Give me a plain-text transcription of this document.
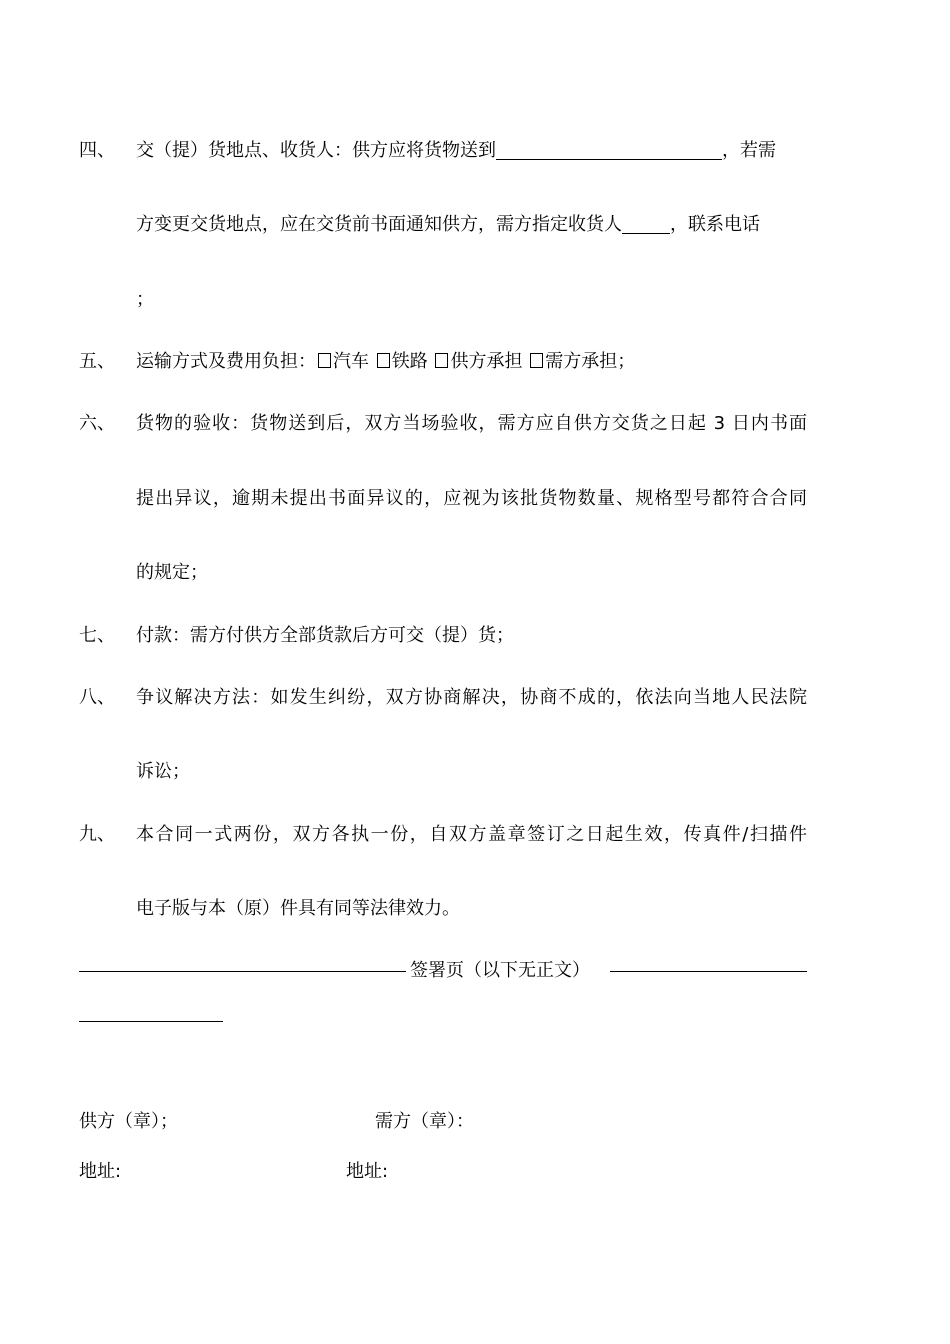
四、 交（提）货地点、收货人：供方应将货物送到	，若需
方变更交货地点，应在交货前书面通知供方，需方指定收货人	，联系电话
；
五、 运输方式及费用负担： 汽车 铁路 供方承担 需方承担；
六、 货物的验收：货物送到后，双方当场验收，需方应自供方交货之日起 3 日内书面
提出异议，逾期未提出书面异议的，应视为该批货物数量、规格型号都符合合同
的规定；
七、 付款：需方付供方全部货款后方可交（提）货；
八、 争议解决方法：如发生纠纷，双方协商解决，协商不成的，依法向当地人民法院
诉讼；
九、 本合同一式两份，双方各执一份，自双方盖章签订之日起生效，传真件/扫描件
电子版与本（原）件具有同等法律效力。
签署页（以下无正文）
供方（章）；	需方（章）：
地址:	地址:
